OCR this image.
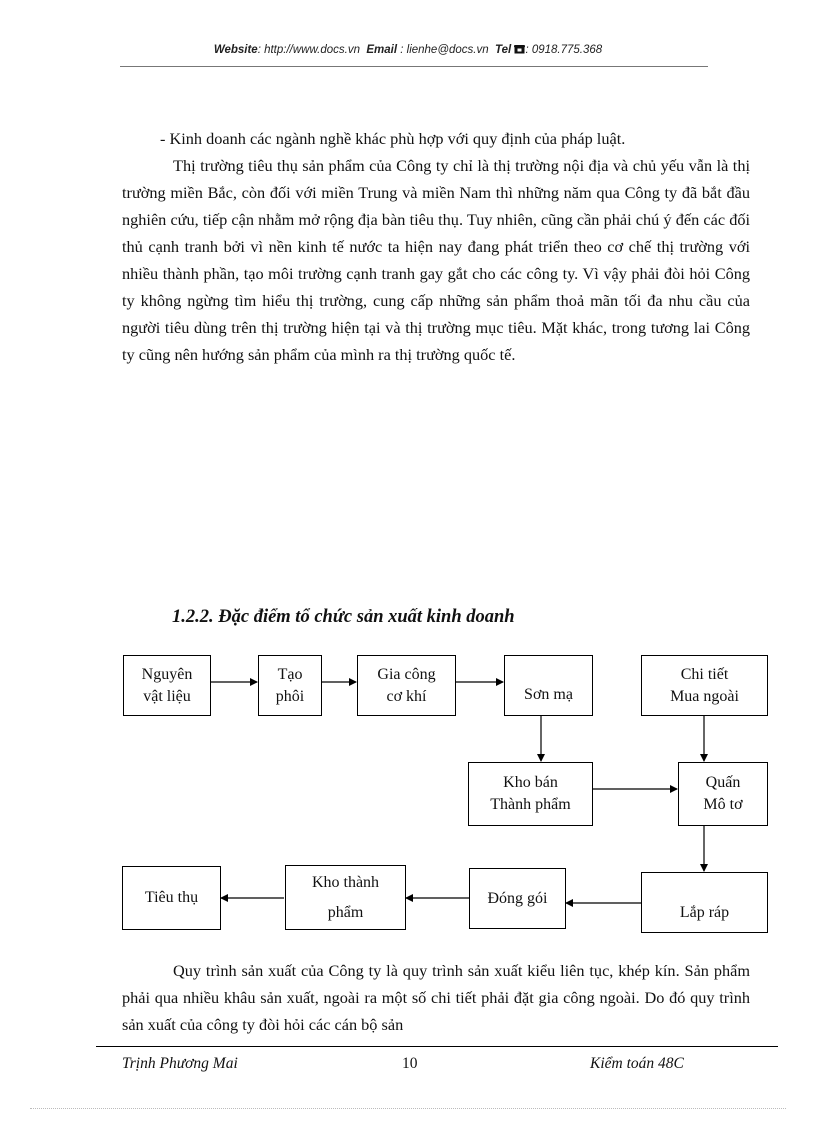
Website: http://www.docs.vn Email : lienhe@docs.vn Tel : 0918.775.368

- Kinh doanh các ngành nghề khác phù hợp với quy định của pháp luật.

Thị trường tiêu thụ sản phẩm của Công ty chỉ là thị trường nội địa và chủ yếu vẫn là thị trường miền Bắc, còn đối với miền Trung và miền Nam thì những năm qua Công ty đã bắt đầu nghiên cứu, tiếp cận nhằm mở rộng địa bàn tiêu thụ. Tuy nhiên, cũng cần phải chú ý đến các đối thủ cạnh tranh bởi vì nền kinh tế nước ta hiện nay đang phát triển theo cơ chế thị trường với nhiều thành phần, tạo môi trường cạnh tranh gay gắt cho các công ty. Vì vậy phải đòi hỏi Công ty không ngừng tìm hiểu thị trường, cung cấp những sản phẩm thoả mãn tối đa nhu cầu của người tiêu dùng trên thị trường hiện tại và thị trường mục tiêu. Mặt khác, trong tương lai Công ty cũng nên hướng sản phẩm của mình ra thị trường quốc tế.

1.2.2. Đặc điểm tổ chức sản xuất kinh doanh
Nguyên
vật liệu
Tạo
phôi
Gia công
cơ khí	Sơn mạ
Chi tiết
Mua ngoài
Kho bán
Thành phẩm
Quấn
Mô tơ
Lắp ráp
Đóng gói
Kho thành
phẩm
Tiêu thụ

Quy trình sản xuất của Công ty là quy trình sản xuất kiểu liên tục, khép kín. Sản phẩm phải qua nhiều khâu sản xuất, ngoài ra một số chi tiết phải đặt gia công ngoài. Do đó quy trình sản xuất của công ty đòi hỏi các cán bộ sản

Trịnh Phương Mai	10	Kiểm toán 48C
